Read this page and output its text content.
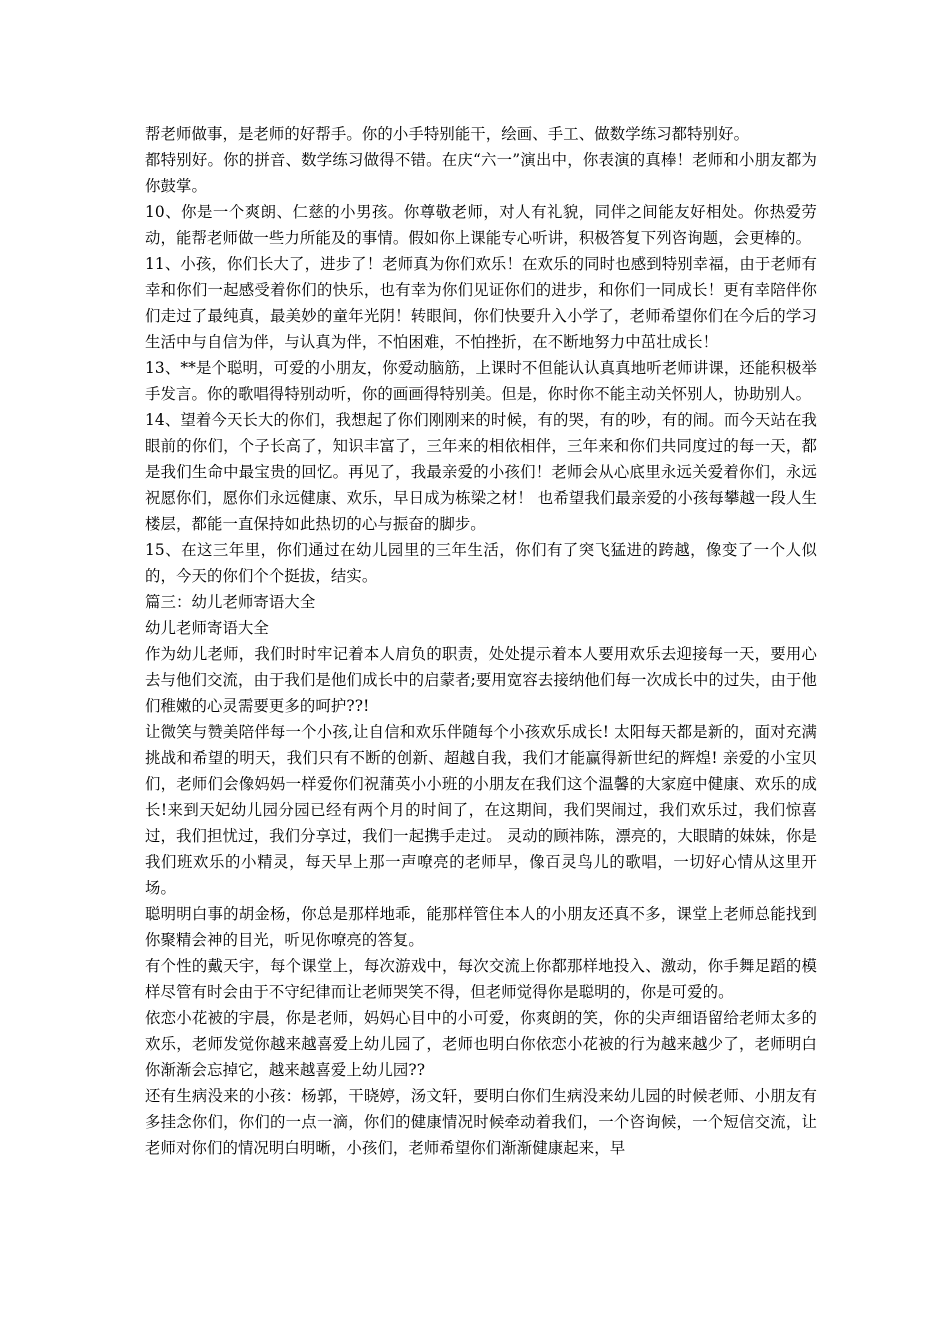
帮老师做事，是老师的好帮手。你的小手特别能干，绘画、手工、做数学练习都特别好。

都特别好。你的拼音、数学练习做得不错。在庆“六一”演出中，你表演的真棒！老师和小朋友都为你鼓掌。

10、你是一个爽朗、仁慈的小男孩。你尊敬老师，对人有礼貌，同伴之间能友好相处。你热爱劳动，能帮老师做一些力所能及的事情。假如你上课能专心听讲，积极答复下列咨询题，会更棒的。

11、小孩，你们长大了，进步了！老师真为你们欢乐！在欢乐的同时也感到特别幸福，由于老师有幸和你们一起感受着你们的快乐，也有幸为你们见证你们的进步，和你们一同成长！更有幸陪伴你们走过了最纯真，最美妙的童年光阴！转眼间，你们快要升入小学了，老师希望你们在今后的学习生活中与自信为伴，与认真为伴，不怕困难，不怕挫折，在不断地努力中茁壮成长！

13、**是个聪明，可爱的小朋友，你爱动脑筋，上课时不但能认认真真地听老师讲课，还能积极举手发言。你的歌唱得特别动听，你的画画得特别美。但是，你时你不能主动关怀别人，协助别人。

14、望着今天长大的你们，我想起了你们刚刚来的时候，有的哭，有的吵，有的闹。而今天站在我眼前的你们，个子长高了，知识丰富了，三年来的相依相伴，三年来和你们共同度过的每一天，都是我们生命中最宝贵的回忆。再见了，我最亲爱的小孩们！老师会从心底里永远关爱着你们，永远祝愿你们，愿你们永远健康、欢乐，早日成为栋梁之材！ 也希望我们最亲爱的小孩每攀越一段人生楼层，都能一直保持如此热切的心与振奋的脚步。

15、在这三年里，你们通过在幼儿园里的三年生活，你们有了突飞猛进的跨越，像变了一个人似的，今天的你们个个挺拔，结实。

篇三：幼儿老师寄语大全

幼儿老师寄语大全

作为幼儿老师，我们时时牢记着本人肩负的职责，处处提示着本人要用欢乐去迎接每一天，要用心去与他们交流，由于我们是他们成长中的启蒙者;要用宽容去接纳他们每一次成长中的过失，由于他们稚嫩的心灵需要更多的呵护??!

让微笑与赞美陪伴每一个小孩,让自信和欢乐伴随每个小孩欢乐成长! 太阳每天都是新的，面对充满挑战和希望的明天，我们只有不断的创新、超越自我，我们才能赢得新世纪的辉煌! 亲爱的小宝贝们，老师们会像妈妈一样爱你们祝蒲英小小班的小朋友在我们这个温馨的大家庭中健康、欢乐的成长!来到天妃幼儿园分园已经有两个月的时间了，在这期间，我们哭闹过，我们欢乐过，我们惊喜过，我们担忧过，我们分享过，我们一起携手走过。 灵动的顾祎陈，漂亮的，大眼睛的妹妹，你是我们班欢乐的小精灵，每天早上那一声嘹亮的老师早，像百灵鸟儿的歌唱，一切好心情从这里开场。

聪明明白事的胡金杨，你总是那样地乖，能那样管住本人的小朋友还真不多，课堂上老师总能找到你聚精会神的目光，听见你嘹亮的答复。

有个性的戴天宇，每个课堂上，每次游戏中，每次交流上你都那样地投入、激动，你手舞足蹈的模样尽管有时会由于不守纪律而让老师哭笑不得，但老师觉得你是聪明的，你是可爱的。

依恋小花被的宇晨，你是老师，妈妈心目中的小可爱，你爽朗的笑，你的尖声细语留给老师太多的欢乐，老师发觉你越来越喜爱上幼儿园了，老师也明白你依恋小花被的行为越来越少了，老师明白你渐渐会忘掉它，越来越喜爱上幼儿园??

还有生病没来的小孩：杨郭，干晓婷，汤文轩，要明白你们生病没来幼儿园的时候老师、小朋友有多挂念你们，你们的一点一滴，你们的健康情况时候牵动着我们，一个咨询候，一个短信交流，让老师对你们的情况明白明晰，小孩们，老师希望你们渐渐健康起来，早
